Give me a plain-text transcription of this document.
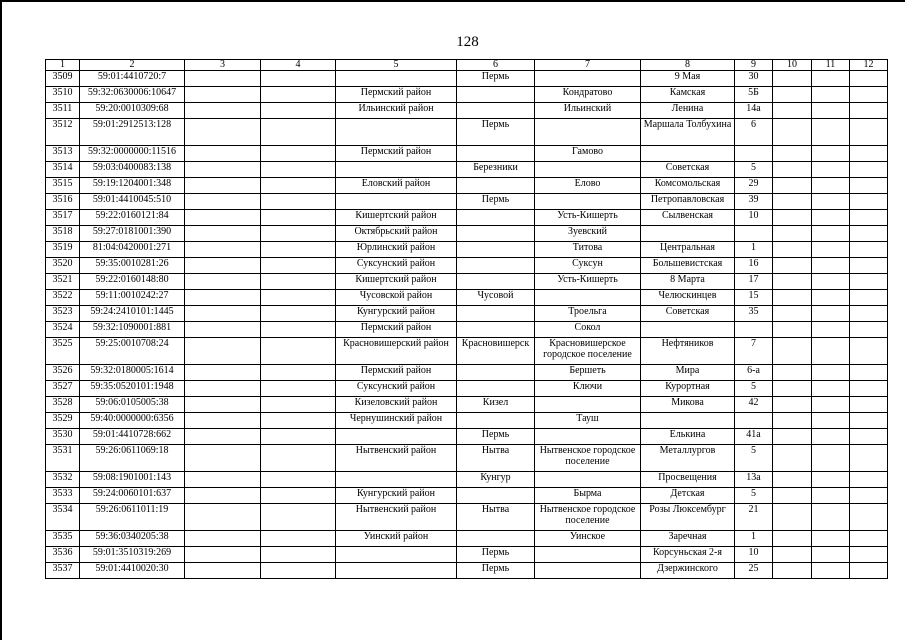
128
1	2	3	4	5	6	7	8	9	10	11	12
3509	59:01:4410720:7				Пермь		9 Мая	30			
3510	59:32:0630006:10647			Пермский район		Кондратово	Камская	5Б			
3511	59:20:0010309:68			Ильинский район		Ильинский	Ленина	14а			
3512	59:01:2912513:128				Пермь		Маршала Толбухина	6			
3513	59:32:0000000:11516			Пермский район		Гамово					
3514	59:03:0400083:138				Березники		Советская	5			
3515	59:19:1204001:348			Еловский район		Елово	Комсомольская	29			
3516	59:01:4410045:510				Пермь		Петропавловская	39			
3517	59:22:0160121:84			Кишертский район		Усть-Кишерть	Сылвенская	10			
3518	59:27:0181001:390			Октябрьский район		Зуевский					
3519	81:04:0420001:271			Юрлинский район		Титова	Центральная	1			
3520	59:35:0010281:26			Суксунский район		Суксун	Большевистская	16			
3521	59:22:0160148:80			Кишертский район		Усть-Кишерть	8 Марта	17			
3522	59:11:0010242:27			Чусовской район	Чусовой		Челюскинцев	15			
3523	59:24:2410101:1445			Кунгурский район		Троельга	Советская	35			
3524	59:32:1090001:881			Пермский район		Сокол					
3525	59:25:0010708:24			Красновишерский район	Красновишерск	Красновишерское городское поселение	Нефтяников	7			
3526	59:32:0180005:1614			Пермский район		Бершеть	Мира	6-а			
3527	59:35:0520101:1948			Суксунский район		Ключи	Курортная	5			
3528	59:06:0105005:38			Кизеловский район	Кизел		Микова	42			
3529	59:40:0000000:6356			Чернушинский район		Тауш					
3530	59:01:4410728:662				Пермь		Елькина	41а			
3531	59:26:0611069:18			Нытвенский район	Нытва	Нытвенское городское поселение	Металлургов	5			
3532	59:08:1901001:143				Кунгур		Просвещения	13а			
3533	59:24:0060101:637			Кунгурский район		Бырма	Детская	5			
3534	59:26:0611011:19			Нытвенский район	Нытва	Нытвенское городское поселение	Розы Люксембург	21			
3535	59:36:0340205:38			Уинский район		Уинское	Заречная	1			
3536	59:01:3510319:269				Пермь		Корсуньская 2-я	10			
3537	59:01:4410020:30				Пермь		Дзержинского	25			
